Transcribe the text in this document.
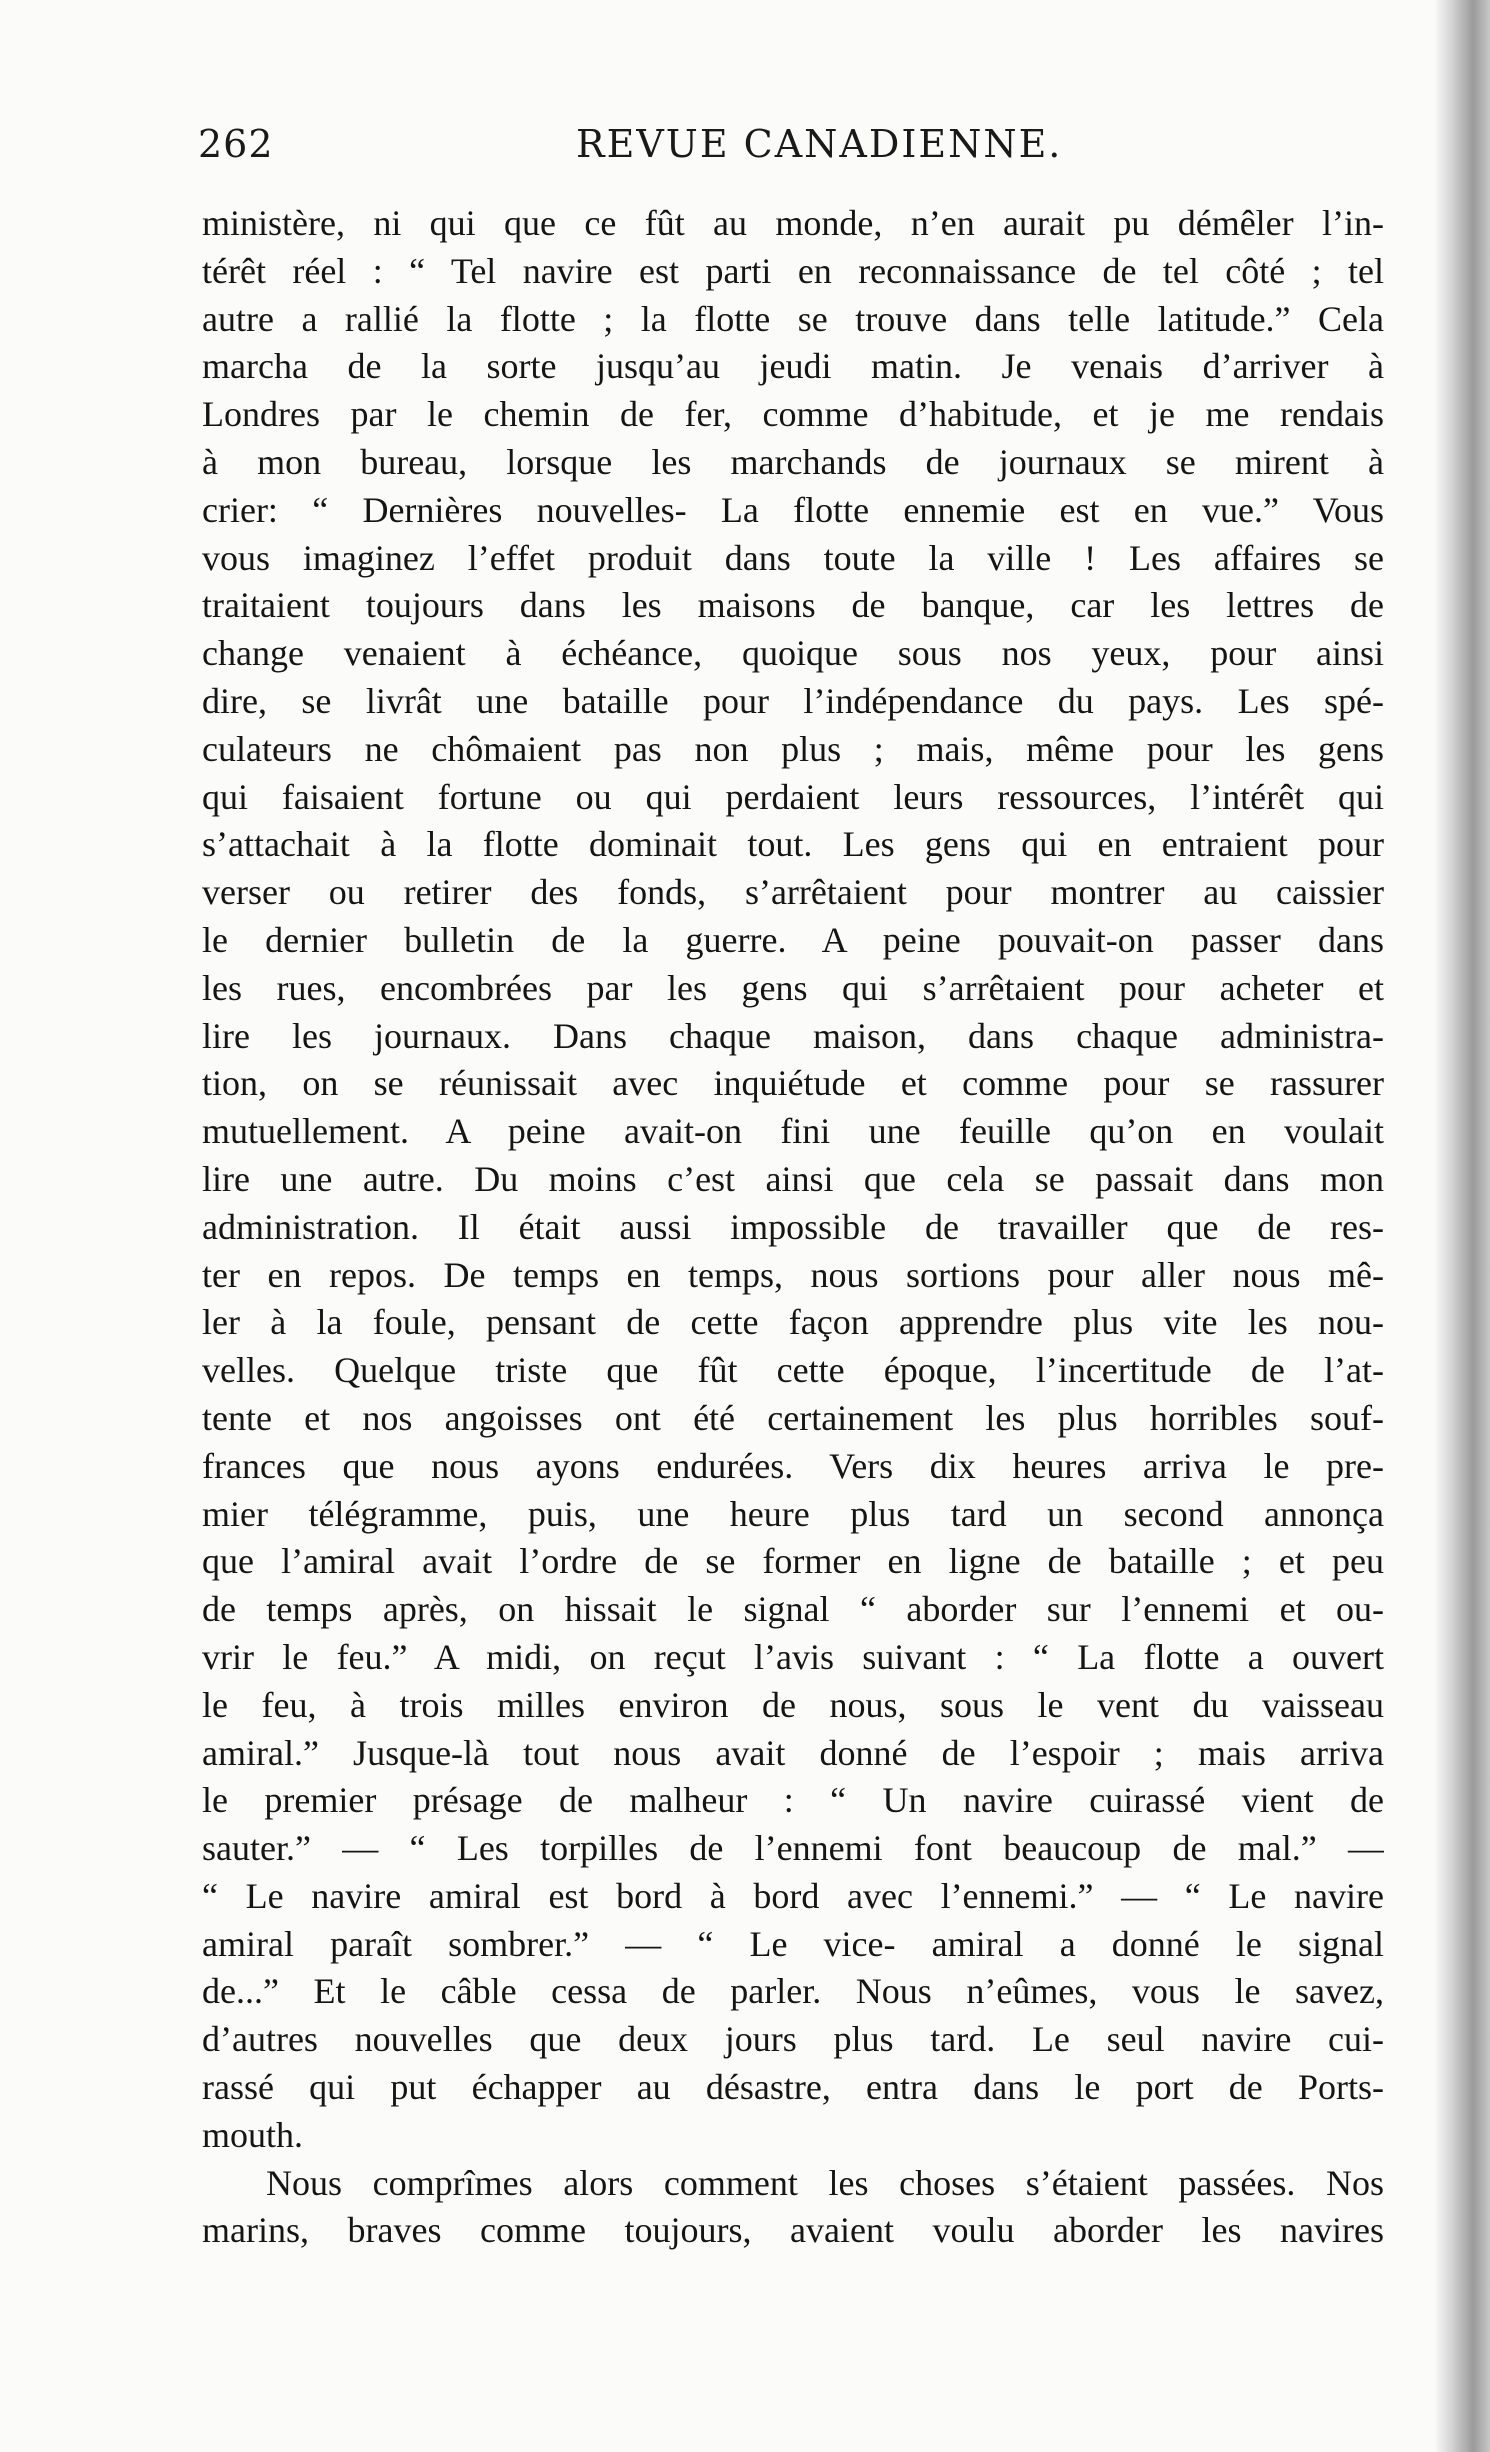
262	REVUE CANADIENNE.
ministère, ni qui que ce fût au monde, n’en aurait pu démêler l’in-
térêt réel : “ Tel navire est parti en reconnaissance de tel côté ; tel
autre a rallié la flotte ; la flotte se trouve dans telle latitude.” Cela
marcha de la sorte jusqu’au jeudi matin. Je venais d’arriver à
Londres par le chemin de fer, comme d’habitude, et je me rendais
à mon bureau, lorsque les marchands de journaux se mirent à
crier: “ Dernières nouvelles- La flotte ennemie est en vue.” Vous
vous imaginez l’effet produit dans toute la ville ! Les affaires se
traitaient toujours dans les maisons de banque, car les lettres de
change venaient à échéance, quoique sous nos yeux, pour ainsi
dire, se livrât une bataille pour l’indépendance du pays. Les spé-
culateurs ne chômaient pas non plus ; mais, même pour les gens
qui faisaient fortune ou qui perdaient leurs ressources, l’intérêt qui
s’attachait à la flotte dominait tout. Les gens qui en entraient pour
verser ou retirer des fonds, s’arrêtaient pour montrer au caissier
le dernier bulletin de la guerre. A peine pouvait-on passer dans
les rues, encombrées par les gens qui s’arrêtaient pour acheter et
lire les journaux. Dans chaque maison, dans chaque administra-
tion, on se réunissait avec inquiétude et comme pour se rassurer
mutuellement. A peine avait-on fini une feuille qu’on en voulait
lire une autre. Du moins c’est ainsi que cela se passait dans mon
administration. Il était aussi impossible de travailler que de res-
ter en repos. De temps en temps, nous sortions pour aller nous mê-
ler à la foule, pensant de cette façon apprendre plus vite les nou-
velles. Quelque triste que fût cette époque, l’incertitude de l’at-
tente et nos angoisses ont été certainement les plus horribles souf-
frances que nous ayons endurées. Vers dix heures arriva le pre-
mier télégramme, puis, une heure plus tard un second annonça
que l’amiral avait l’ordre de se former en ligne de bataille ; et peu
de temps après, on hissait le signal “ aborder sur l’ennemi et ou-
vrir le feu.” A midi, on reçut l’avis suivant : “ La flotte a ouvert
le feu, à trois milles environ de nous, sous le vent du vaisseau
amiral.” Jusque-là tout nous avait donné de l’espoir ; mais arriva
le premier présage de malheur : “ Un navire cuirassé vient de
sauter.” — “ Les torpilles de l’ennemi font beaucoup de mal.” —
“ Le navire amiral est bord à bord avec l’ennemi.” — “ Le navire
amiral paraît sombrer.” — “ Le vice- amiral a donné le signal
de...” Et le câble cessa de parler. Nous n’eûmes, vous le savez,
d’autres nouvelles que deux jours plus tard. Le seul navire cui-
rassé qui put échapper au désastre, entra dans le port de Ports-
mouth.
Nous comprîmes alors comment les choses s’étaient passées. Nos
marins, braves comme toujours, avaient voulu aborder les navires
